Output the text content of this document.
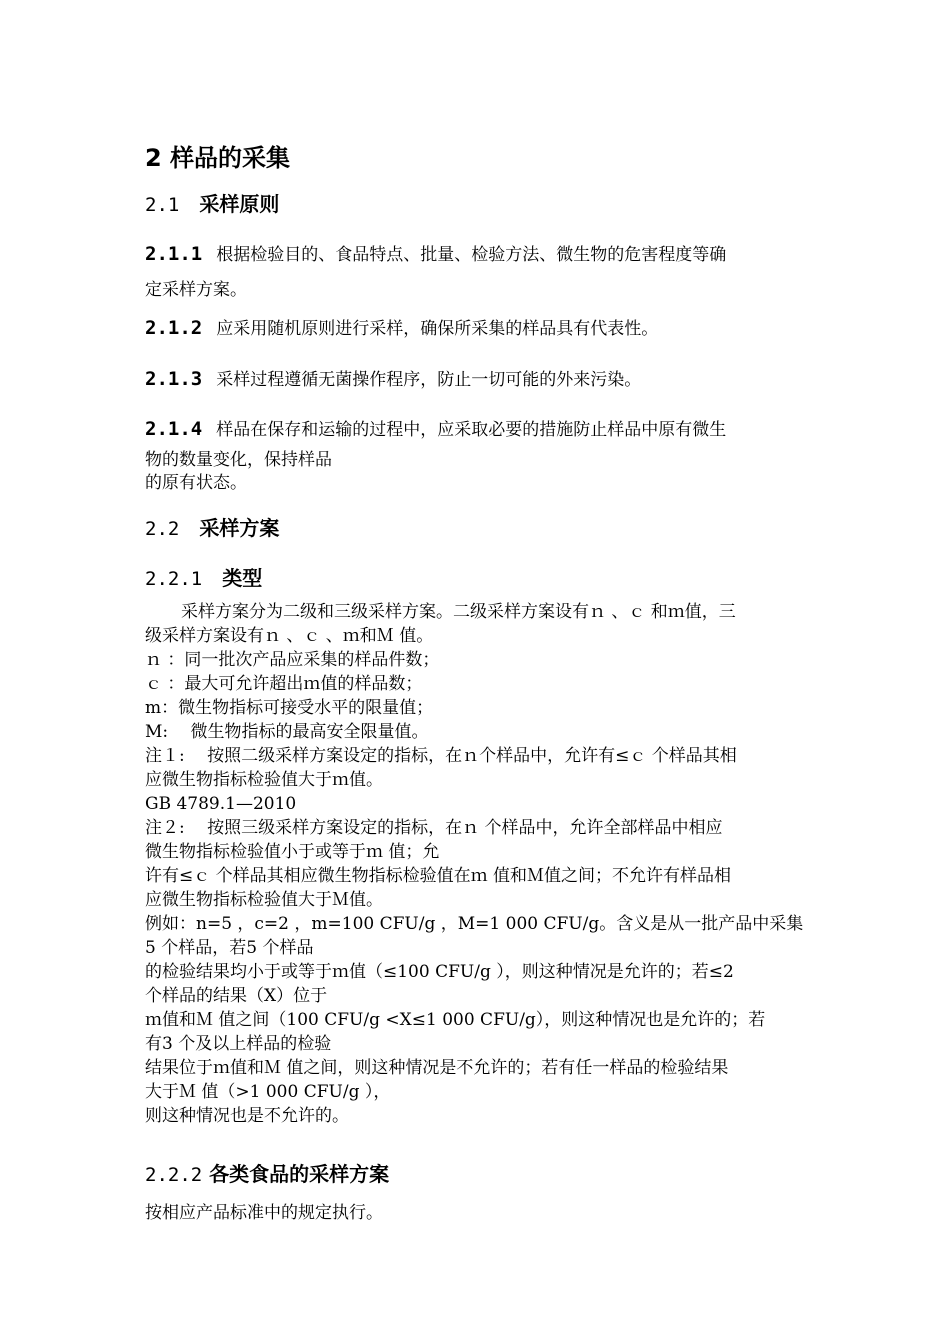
2 样品的采集
2.1 采样原则
2.1.1 根据检验目的、食品特点、批量、检验方法、微生物的危害程度等确
定采样方案。
2.1.2 应采用随机原则进行采样，确保所采集的样品具有代表性。
2.1.3 采样过程遵循无菌操作程序，防止一切可能的外来污染。
2.1.4 样品在保存和运输的过程中，应采取必要的措施防止样品中原有微生
物的数量变化，保持样品
的原有状态。
2.2 采样方案
2.2.1 类型
采样方案分为二级和三级采样方案。二级采样方案设有ｎ 、ｃ 和ｍ值，三
级采样方案设有ｎ 、ｃ 、ｍ和Ｍ 值。
ｎ ：同一批次产品应采集的样品件数；
ｃ ：最大可允许超出ｍ值的样品数；
m：微生物指标可接受水平的限量值；
M:　 微生物指标的最高安全限量值。
注１:　 按照二级采样方案设定的指标，在ｎ个样品中，允许有≤ｃ 个样品其相
应微生物指标检验值大于ｍ值。
GB 4789.1—2010
注２:　 按照三级采样方案设定的指标，在ｎ 个样品中，允许全部样品中相应
微生物指标检验值小于或等于ｍ 值；允
许有≤ｃ 个样品其相应微生物指标检验值在ｍ 值和Ｍ值之间；不允许有样品相
应微生物指标检验值大于Ｍ值。
例如：n=5 ，c=2 ，m=100 CFU/g ，M=1 000 CFU/g。含义是从一批产品中采集
5 个样品，若5 个样品
的检验结果均小于或等于ｍ值（≤100 CFU/g ），则这种情况是允许的；若≤2
个样品的结果（X）位于
ｍ值和Ｍ 值之间（100 CFU/g <X≤1 000 CFU/g），则这种情况也是允许的；若
有3 个及以上样品的检验
结果位于ｍ值和Ｍ 值之间，则这种情况是不允许的；若有任一样品的检验结果
大于Ｍ 值（>1 000 CFU/g ），
则这种情况也是不允许的。
2.2.2 各类食品的采样方案
按相应产品标准中的规定执行。
